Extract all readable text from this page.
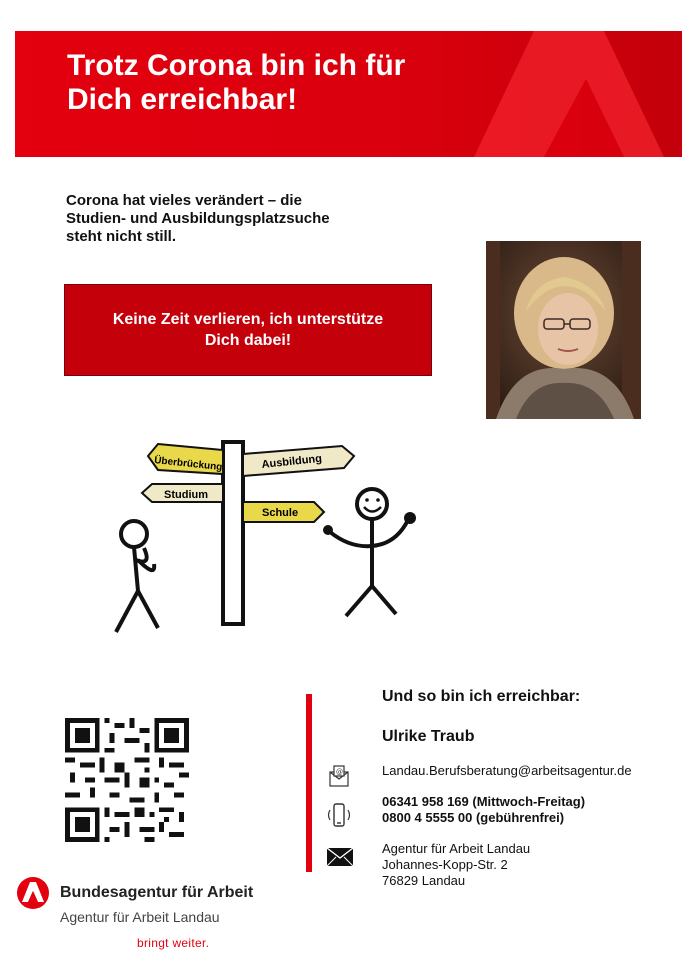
Trotz Corona bin ich für
Dich erreichbar!

Corona hat vieles verändert – die
Studien- und Ausbildungsplatzsuche
steht nicht still.

Keine Zeit verlieren, ich unterstütze
Dich dabei!
Überbrückung	Ausbildung
Studium
Schule
Und so bin ich erreichbar:
Ulrike Traub
@	Landau.Berufsberatung@arbeitsagentur.de
06341 958 169 (Mittwoch-Freitag)
0800 4 5555 00 (gebührenfrei)
Agentur für Arbeit Landau
Johannes-Kopp-Str. 2
76829 Landau
Bundesagentur für Arbeit
Agentur für Arbeit Landau
bringt weiter.
